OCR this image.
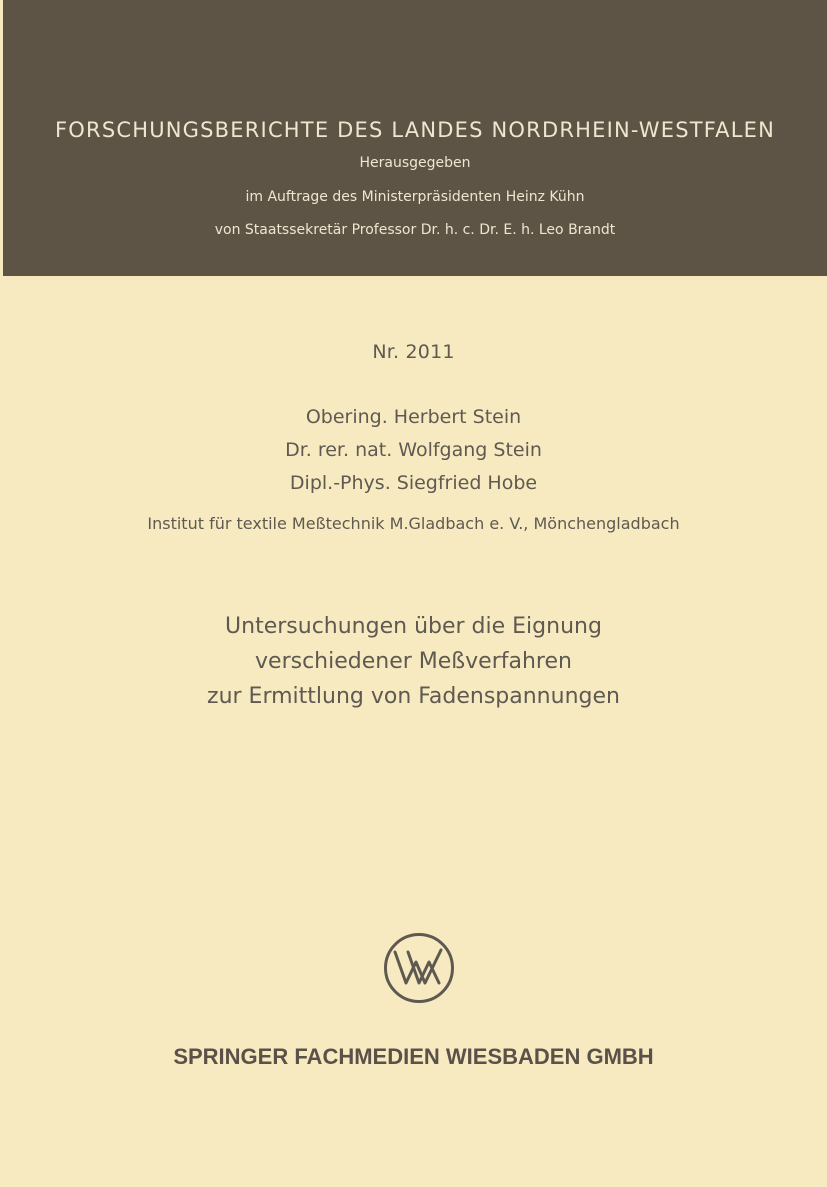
FORSCHUNGSBERICHTE DES LANDES NORDRHEIN-WESTFALEN
Herausgegeben
im Auftrage des Ministerpräsidenten Heinz Kühn
von Staatssekretär Professor Dr. h. c. Dr. E. h. Leo Brandt
Nr. 2011
Obering. Herbert Stein
Dr. rer. nat. Wolfgang Stein
Dipl.-Phys. Siegfried Hobe
Institut für textile Meßtechnik M.Gladbach e. V., Mönchengladbach
Untersuchungen über die Eignung
verschiedener Meßverfahren
zur Ermittlung von Fadenspannungen
SPRINGER FACHMEDIEN WIESBADEN GMBH
